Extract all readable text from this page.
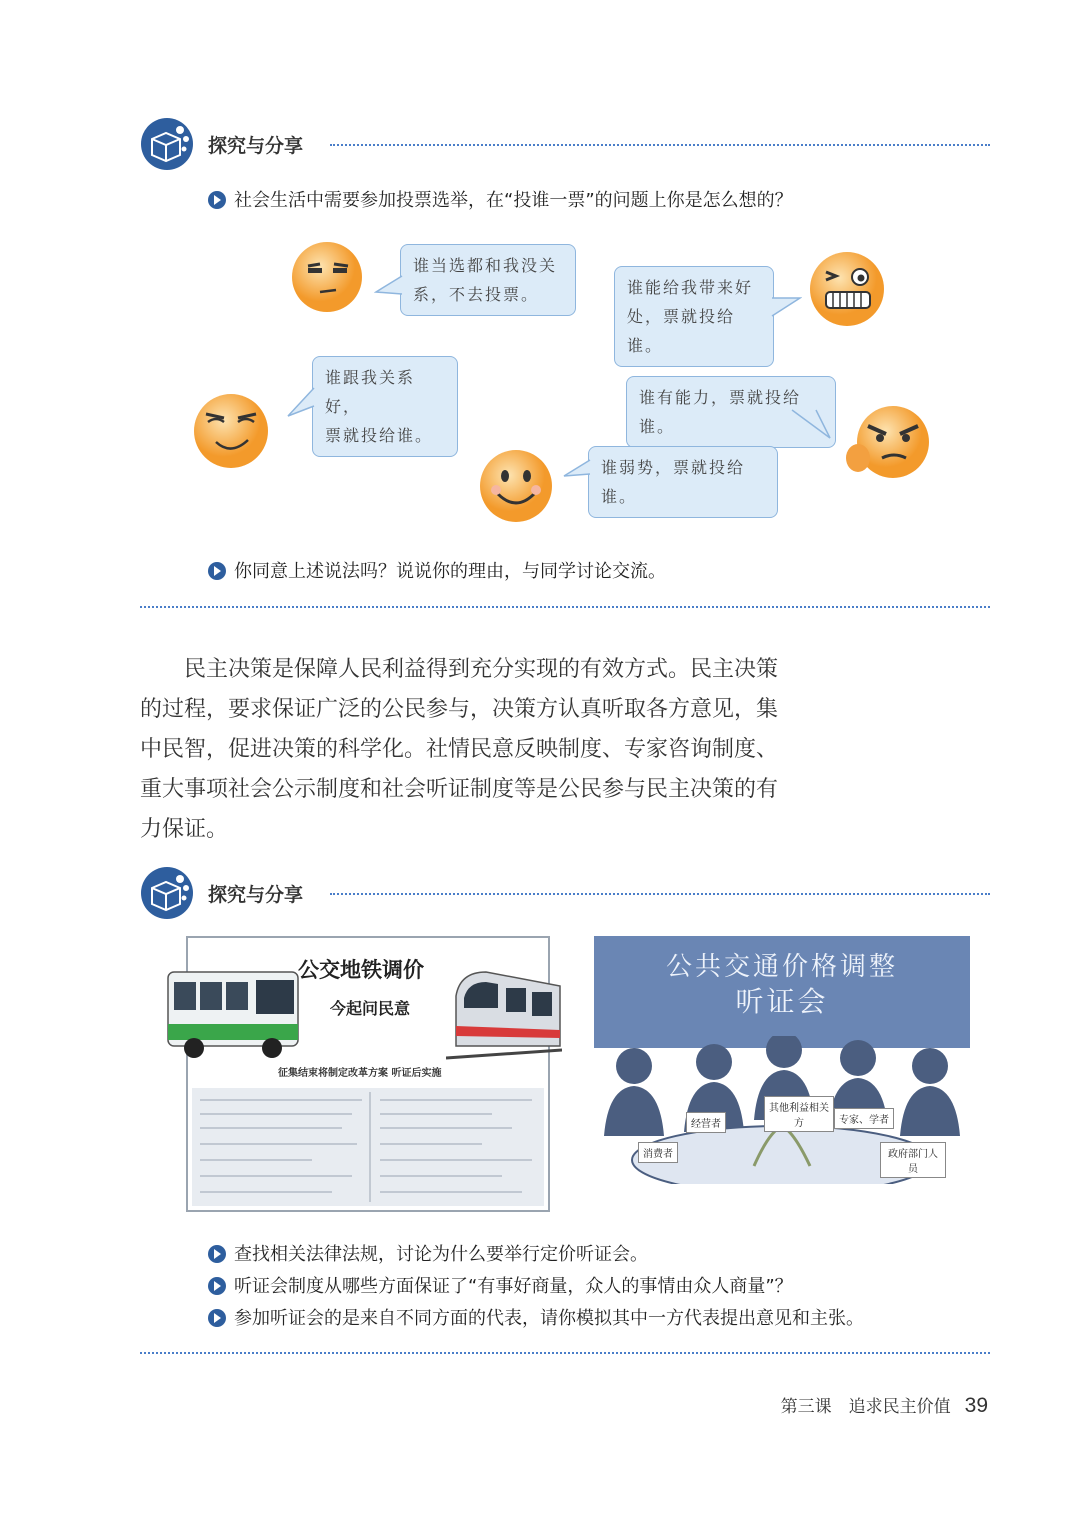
探究与分享
社会生活中需要参加投票选举，在“投谁一票”的问题上你是怎么想的？
谁当选都和我没关
系，不去投票。	谁能给我带来好
处，票就投给谁。
谁跟我关系好，
票就投给谁。
谁有能力，票就投给谁。
谁弱势，票就投给谁。
你同意上述说法吗？说说你的理由，与同学讨论交流。

民主决策是保障人民利益得到充分实现的有效方式。民主决策的过程，要求保证广泛的公民参与，决策方认真听取各方意见，集中民智，促进决策的科学化。社情民意反映制度、专家咨询制度、重大事项社会公示制度和社会听证制度等是公民参与民主决策的有力保证。

探究与分享
公交地铁调价
今起问民意
征集结束将制定改革方案 听证后实施
公共交通价格调整
听证会
消费者
经营者
其他利益相关方	专家、学者
政府部门人员
查找相关法律法规，讨论为什么要举行定价听证会。
听证会制度从哪些方面保证了“有事好商量，众人的事情由众人商量”？
参加听证会的是来自不同方面的代表，请你模拟其中一方代表提出意见和主张。
第三课　追求民主价值 39
